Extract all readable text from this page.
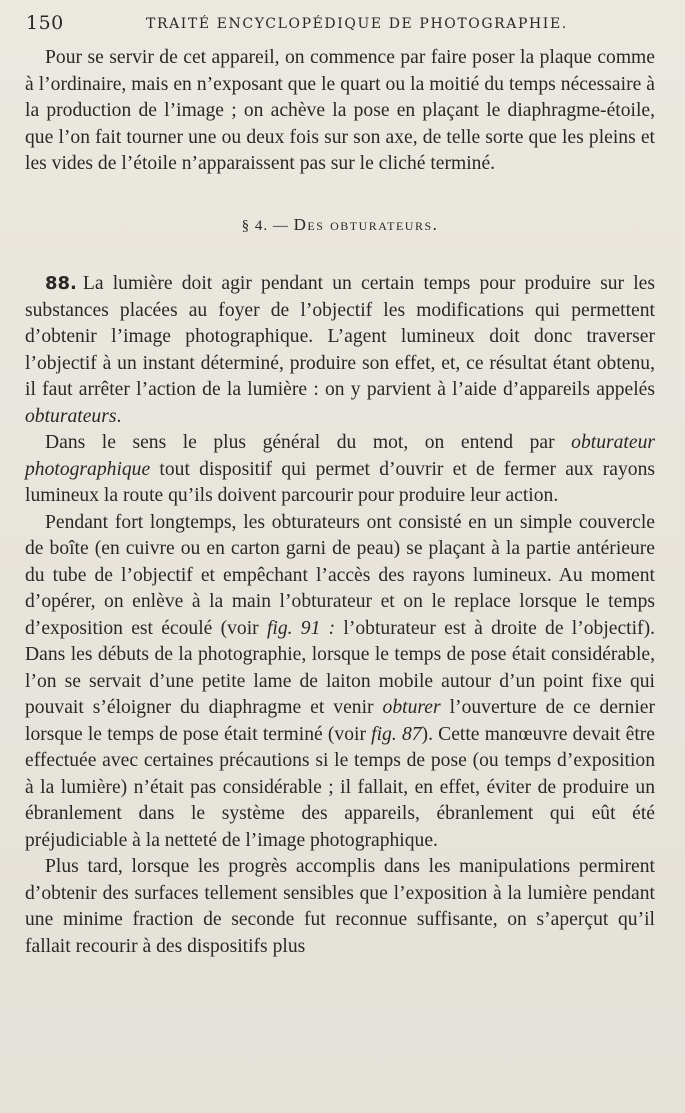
150	TRAITÉ ENCYCLOPÉDIQUE DE PHOTOGRAPHIE.

Pour se servir de cet appareil, on commence par faire poser la plaque comme à l’ordinaire, mais en n’exposant que le quart ou la moitié du temps nécessaire à la production de l’image ; on achève la pose en plaçant le diaphragme-étoile, que l’on fait tourner une ou deux fois sur son axe, de telle sorte que les pleins et les vides de l’étoile n’apparaissent pas sur le cliché terminé.

§ 4. — Des obturateurs.

88. La lumière doit agir pendant un certain temps pour produire sur les substances placées au foyer de l’objectif les modifications qui permettent d’obtenir l’image photographique. L’agent lumineux doit donc traverser l’objectif à un instant déterminé, produire son effet, et, ce résultat étant obtenu, il faut arrêter l’action de la lumière : on y parvient à l’aide d’appareils appelés obturateurs.

Dans le sens le plus général du mot, on entend par obturateur photographique tout dispositif qui permet d’ouvrir et de fermer aux rayons lumineux la route qu’ils doivent parcourir pour produire leur action.

Pendant fort longtemps, les obturateurs ont consisté en un simple couvercle de boîte (en cuivre ou en carton garni de peau) se plaçant à la partie antérieure du tube de l’objectif et empêchant l’accès des rayons lumineux. Au moment d’opérer, on enlève à la main l’obturateur et on le replace lorsque le temps d’exposition est écoulé (voir fig. 91 : l’obturateur est à droite de l’objectif). Dans les débuts de la photographie, lorsque le temps de pose était considérable, l’on se servait d’une petite lame de laiton mobile autour d’un point fixe qui pouvait s’éloigner du diaphragme et venir obturer l’ouverture de ce dernier lorsque le temps de pose était terminé (voir fig. 87). Cette manœuvre devait être effectuée avec certaines précautions si le temps de pose (ou temps d’exposition à la lumière) n’était pas considérable ; il fallait, en effet, éviter de produire un ébranlement dans le système des appareils, ébranlement qui eût été préjudiciable à la netteté de l’image photographique.

Plus tard, lorsque les progrès accomplis dans les manipulations permirent d’obtenir des surfaces tellement sensibles que l’exposition à la lumière pendant une minime fraction de seconde fut reconnue suffisante, on s’aperçut qu’il fallait recourir à des dispositifs plus
